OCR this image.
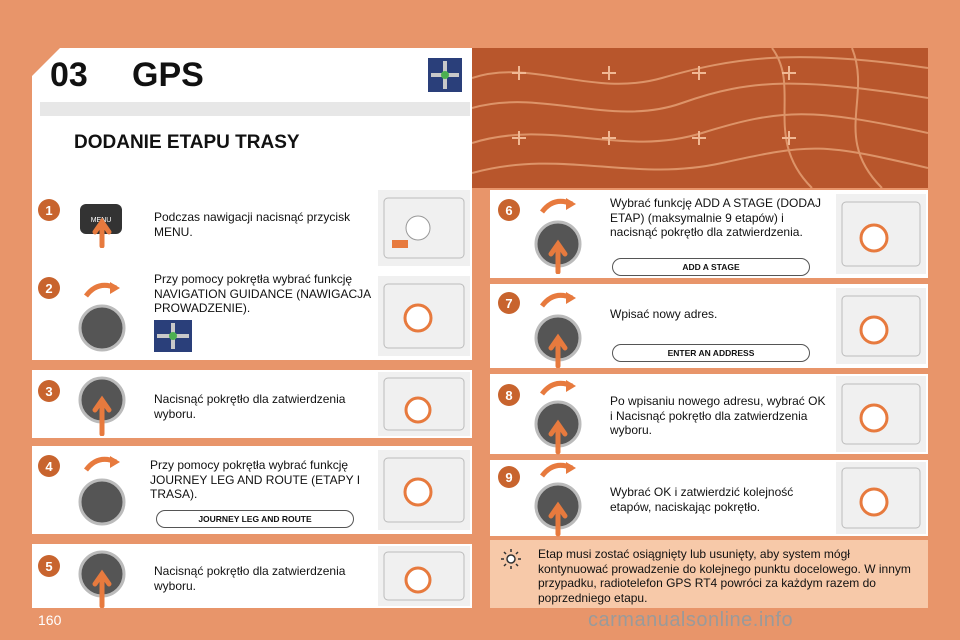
03 GPS
DODANIE ETAPU TRASY
1
MENU	Podczas nawigacji nacisnąć przycisk MENU.
2
Przy pomocy pokrętła wybrać funkcję NAVIGATION GUIDANCE (NAWIGACJA PROWADZENIE).
3
Nacisnąć pokrętło dla zatwierdzenia wyboru.
4	Przy pomocy pokrętła wybrać funkcję JOURNEY LEG AND ROUTE (ETAPY I TRASA).
JOURNEY LEG AND ROUTE
5	Nacisnąć pokrętło dla zatwierdzenia wyboru.
6	Wybrać funkcję ADD A STAGE (DODAJ ETAP) (maksymalnie 9 etapów) i nacisnąć pokrętło dla zatwierdzenia.
ADD A STAGE
7
Wpisać nowy adres.
ENTER AN ADDRESS
8	Po wpisaniu nowego adresu, wybrać OK i Nacisnąć pokrętło dla zatwierdzenia wyboru.
9
Wybrać OK i zatwierdzić kolejność etapów, naciskając pokrętło.
Etap musi zostać osiągnięty lub usunięty, aby system mógł kontynuować prowadzenie do kolejnego punktu docelowego. W innym przypadku, radiotelefon GPS RT4 powróci za każdym razem do poprzedniego etapu.
160	carmanualsonline.info
